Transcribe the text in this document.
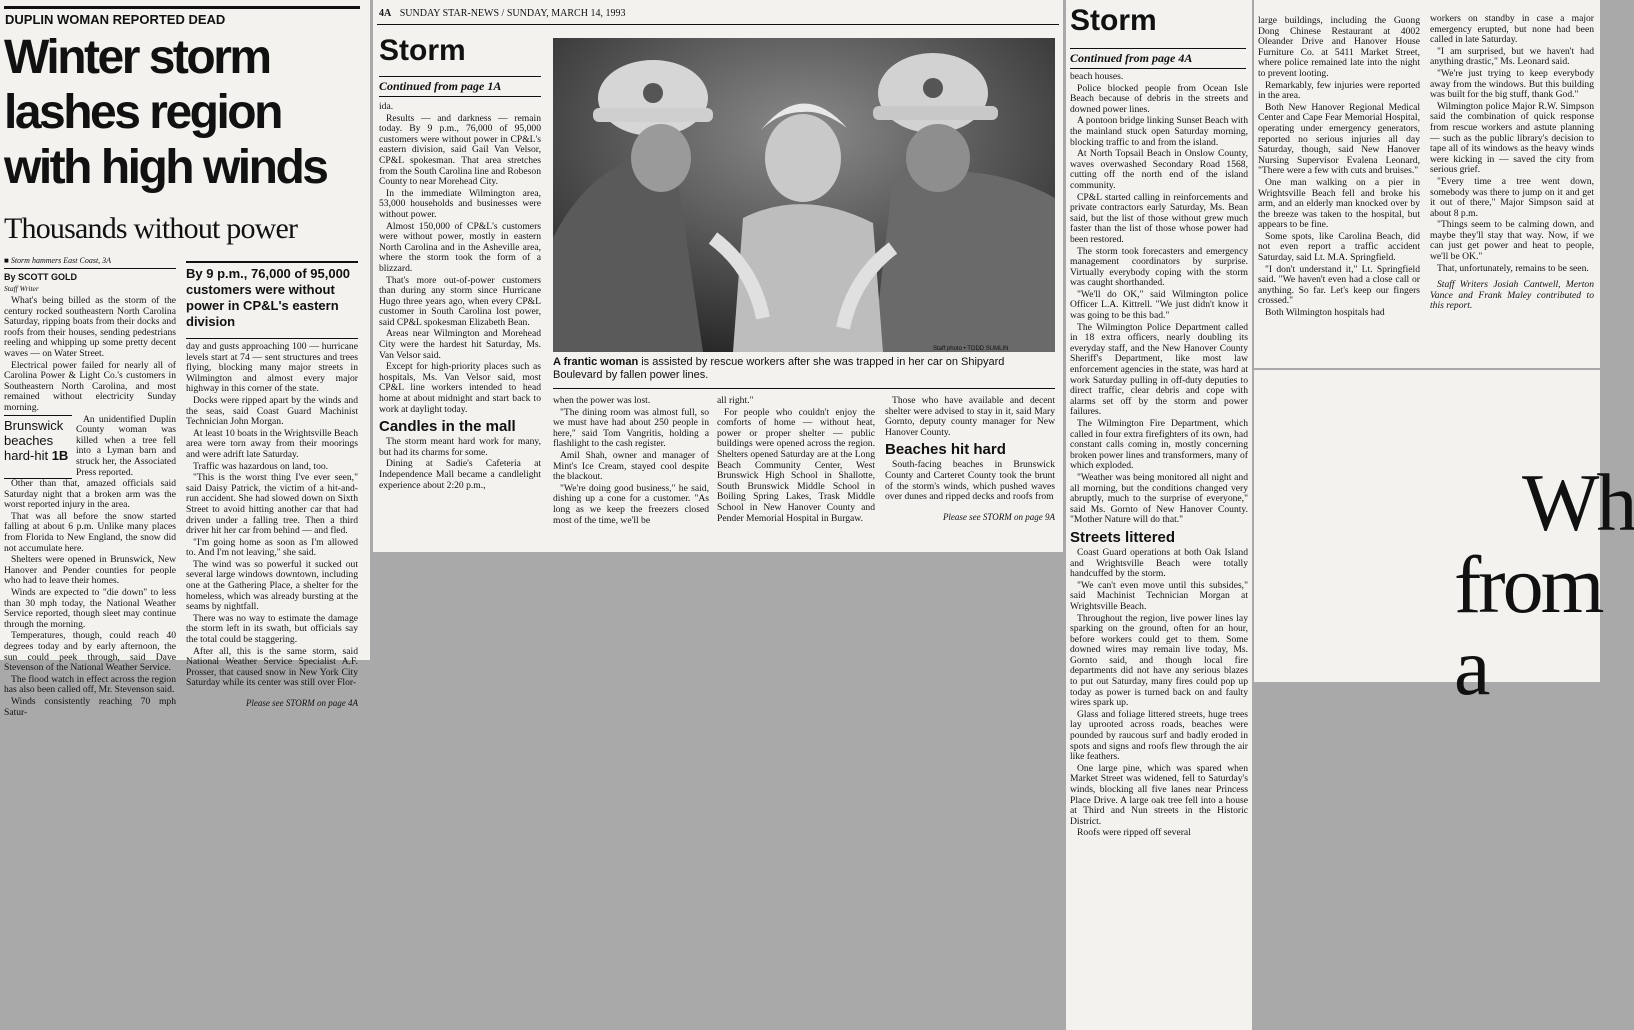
DUPLIN WOMAN REPORTED DEAD
Winter storm
lashes region
with high winds
Thousands without power
■ Storm hammers East Coast, 3A
By SCOTT GOLD
Staff Writer

What's being billed as the storm of the century rocked southeastern North Carolina Saturday, ripping boats from their docks and roofs from their houses, sending pedestrians reeling and whipping up some pretty decent waves — on Water Street.

Electrical power failed for nearly all of Carolina Power & Light Co.'s customers in Southeastern North Carolina, and most remained without electricity Sunday morning.

Brunswick beaches hard-hit 1B

An unidentified Duplin County woman was killed when a tree fell into a Lyman barn and struck her, the Associated Press reported.

Other than that, amazed officials said Saturday night that a broken arm was the worst reported injury in the area.

That was all before the snow started falling at about 6 p.m. Unlike many places from Florida to New England, the snow did not accumulate here.

Shelters were opened in Brunswick, New Hanover and Pender counties for people who had to leave their homes.

Winds are expected to "die down" to less than 30 mph today, the National Weather Service reported, though sleet may continue through the morning.

Temperatures, though, could reach 40 degrees today and by early afternoon, the sun could peek through, said Dave Stevenson of the National Weather Service.

The flood watch in effect across the region has also been called off, Mr. Stevenson said.

Winds consistently reaching 70 mph Satur-

By 9 p.m., 76,000 of 95,000 customers were without power in CP&L's eastern division

day and gusts approaching 100 — hurricane levels start at 74 — sent structures and trees flying, blocking many major streets in Wilmington and almost every major highway in this corner of the state.

Docks were ripped apart by the winds and the seas, said Coast Guard Machinist Technician John Morgan.

At least 10 boats in the Wrightsville Beach area were torn away from their moorings and were adrift late Saturday.

Traffic was hazardous on land, too.

"This is the worst thing I've ever seen," said Daisy Patrick, the victim of a hit-and-run accident. She had slowed down on Sixth Street to avoid hitting another car that had driven under a falling tree. Then a third driver hit her car from behind — and fled.

"I'm going home as soon as I'm allowed to. And I'm not leaving," she said.

The wind was so powerful it sucked out several large windows downtown, including one at the Gathering Place, a shelter for the homeless, which was already bursting at the seams by nightfall.

There was no way to estimate the damage the storm left in its swath, but officials say the total could be staggering.

After all, this is the same storm, said National Weather Service Specialist A.F. Prosser, that caused snow in New York City Saturday while its center was still over Flor-

Please see STORM on page 4A

4A SUNDAY STAR-NEWS / SUNDAY, MARCH 14, 1993
Storm
Continued from page 1A
Staff photo • TODD SUMLIN
A frantic woman is assisted by rescue workers after she was trapped in her car on Shipyard Boulevard by fallen power lines.

ida.

Results — and darkness — remain today. By 9 p.m., 76,000 of 95,000 customers were without power in CP&L's eastern division, said Gail Van Velsor, CP&L spokesman. That area stretches from the South Carolina line and Robeson County to near Morehead City.

In the immediate Wilmington area, 53,000 households and businesses were without power.

Almost 150,000 of CP&L's customers were without power, mostly in eastern North Carolina and in the Asheville area, where the storm took the form of a blizzard.

That's more out-of-power customers than during any storm since Hurricane Hugo three years ago, when every CP&L customer in South Carolina lost power, said CP&L spokesman Elizabeth Bean.

Areas near Wilmington and Morehead City were the hardest hit Saturday, Ms. Van Velsor said.

Except for high-priority places such as hospitals, Ms. Van Velsor said, most CP&L line workers intended to head home at about midnight and start back to work at daylight today.

Candles in the mall

The storm meant hard work for many, but had its charms for some.

Dining at Sadie's Cafeteria at Independence Mall became a candlelight experience about 2:20 p.m.,

when the power was lost.

"The dining room was almost full, so we must have had about 250 people in here," said Tom Vangritis, holding a flashlight to the cash register.

Amil Shah, owner and manager of Mint's Ice Cream, stayed cool despite the blackout.

"We're doing good business," he said, dishing up a cone for a customer. "As long as we keep the freezers closed most of the time, we'll be

all right."

For people who couldn't enjoy the comforts of home — without heat, power or proper shelter — public buildings were opened across the region. Shelters opened Saturday are at the Long Beach Community Center, West Brunswick High School in Shallotte, South Brunswick Middle School in Boiling Spring Lakes, Trask Middle School in New Hanover County and Pender Memorial Hospital in Burgaw.

Those who have available and decent shelter were advised to stay in it, said Mary Gornto, deputy county manager for New Hanover County.

Beaches hit hard

South-facing beaches in Brunswick County and Carteret County took the brunt of the storm's winds, which pushed waves over dunes and ripped decks and roofs from

Please see STORM on page 9A

Storm
Continued from page 4A

beach houses.

Police blocked people from Ocean Isle Beach because of debris in the streets and downed power lines.

A pontoon bridge linking Sunset Beach with the mainland stuck open Saturday morning, blocking traffic to and from the island.

At North Topsail Beach in Onslow County, waves overwashed Secondary Road 1568, cutting off the north end of the island community.

CP&L started calling in reinforcements and private contractors early Saturday, Ms. Bean said, but the list of those without grew much faster than the list of those whose power had been restored.

The storm took forecasters and emergency management coordinators by surprise. Virtually everybody coping with the storm was caught shorthanded.

"We'll do OK," said Wilmington police Officer L.A. Kittrell. "We just didn't know it was going to be this bad."

The Wilmington Police Department called in 18 extra officers, nearly doubling its everyday staff, and the New Hanover County Sheriff's Department, like most law enforcement agencies in the state, was hard at work Saturday pulling in off-duty deputies to direct traffic, clear debris and cope with alarms set off by the storm and power failures.

The Wilmington Fire Department, which called in four extra firefighters of its own, had constant calls coming in, mostly concerning broken power lines and transformers, many of which exploded.

"Weather was being monitored all night and all morning, but the conditions changed very abruptly, much to the surprise of everyone," said Ms. Gornto of New Hanover County. "Mother Nature will do that."

Streets littered

Coast Guard operations at both Oak Island and Wrightsville Beach were totally handcuffed by the storm.

"We can't even move until this subsides," said Machinist Technician Morgan at Wrightsville Beach.

Throughout the region, live power lines lay sparking on the ground, often for an hour, before workers could get to them. Some downed wires may remain live today, Ms. Gornto said, and though local fire departments did not have any serious blazes to put out Saturday, many fires could pop up today as power is turned back on and faulty wires spark up.

Glass and foliage littered streets, huge trees lay uprooted across roads, beaches were pounded by raucous surf and badly eroded in spots and signs and roofs flew through the air like feathers.

One large pine, which was spared when Market Street was widened, fell to Saturday's winds, blocking all five lanes near Princess Place Drive. A large oak tree fell into a house at Third and Nun streets in the Historic District.

Roofs were ripped off several

large buildings, including the Guong Dong Chinese Restaurant at 4002 Oleander Drive and Hanover House Furniture Co. at 5411 Market Street, where police remained late into the night to prevent looting.

Remarkably, few injuries were reported in the area.

Both New Hanover Regional Medical Center and Cape Fear Memorial Hospital, operating under emergency generators, reported no serious injuries all day Saturday, though, said New Hanover Nursing Supervisor Evalena Leonard, "There were a few with cuts and bruises."

One man walking on a pier in Wrightsville Beach fell and broke his arm, and an elderly man knocked over by the breeze was taken to the hospital, but appears to be fine.

Some spots, like Carolina Beach, did not even report a traffic accident Saturday, said Lt. M.A. Springfield.

"I don't understand it," Lt. Springfield said. "We haven't even had a close call or anything. So far. Let's keep our fingers crossed."

Both Wilmington hospitals had

workers on standby in case a major emergency erupted, but none had been called in late Saturday.

"I am surprised, but we haven't had anything drastic," Ms. Leonard said.

"We're just trying to keep everybody away from the windows. But this building was built for the big stuff, thank God."

Wilmington police Major R.W. Simpson said the combination of quick response from rescue workers and astute planning — such as the public library's decision to tape all of its windows as the heavy winds were kicking in — saved the city from serious grief.

"Every time a tree went down, somebody was there to jump on it and get it out of there," Major Simpson said at about 8 p.m.

"Things seem to be calming down, and maybe they'll stay that way. Now, if we can just get power and heat to people, we'll be OK."

That, unfortunately, remains to be seen.

Staff Writers Josiah Cantwell, Merton Vance and Frank Maley contributed to this report.

Wh
from a
